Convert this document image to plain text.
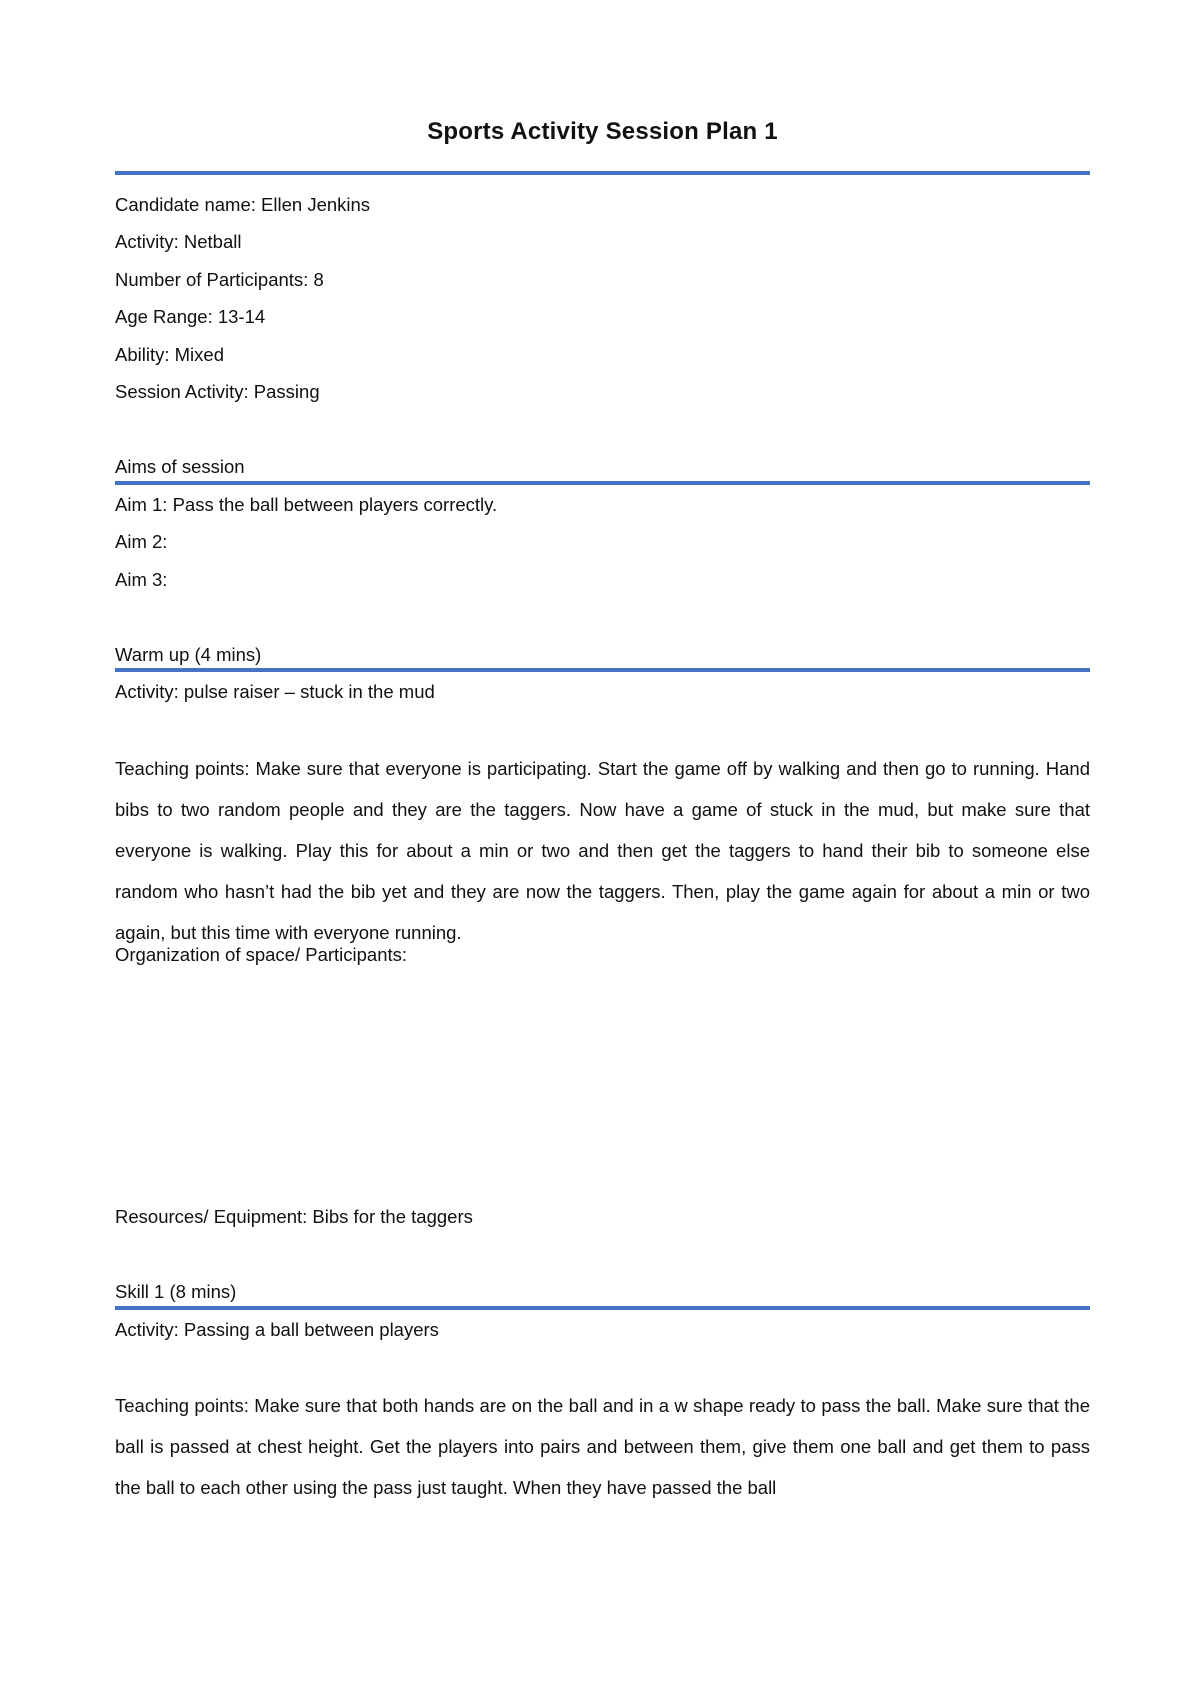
Sports Activity Session Plan 1
Candidate name: Ellen Jenkins
Activity: Netball
Number of Participants: 8
Age Range: 13-14
Ability: Mixed
Session Activity: Passing
Aims of session
Aim 1: Pass the ball between players correctly.
Aim 2:
Aim 3:
Warm up (4 mins)
Activity: pulse raiser – stuck in the mud
Teaching points: Make sure that everyone is participating. Start the game off by walking and then go to running. Hand bibs to two random people and they are the taggers. Now have a game of stuck in the mud, but make sure that everyone is walking. Play this for about a min or two and then get the taggers to hand their bib to someone else random who hasn’t had the bib yet and they are now the taggers. Then, play the game again for about a min or two again, but this time with everyone running.
Organization of space/ Participants:
Resources/ Equipment: Bibs for the taggers
Skill 1 (8 mins)
Activity: Passing a ball between players
Teaching points: Make sure that both hands are on the ball and in a w shape ready to pass the ball. Make sure that the ball is passed at chest height. Get the players into pairs and between them, give them one ball and get them to pass the ball to each other using the pass just taught. When they have passed the ball
